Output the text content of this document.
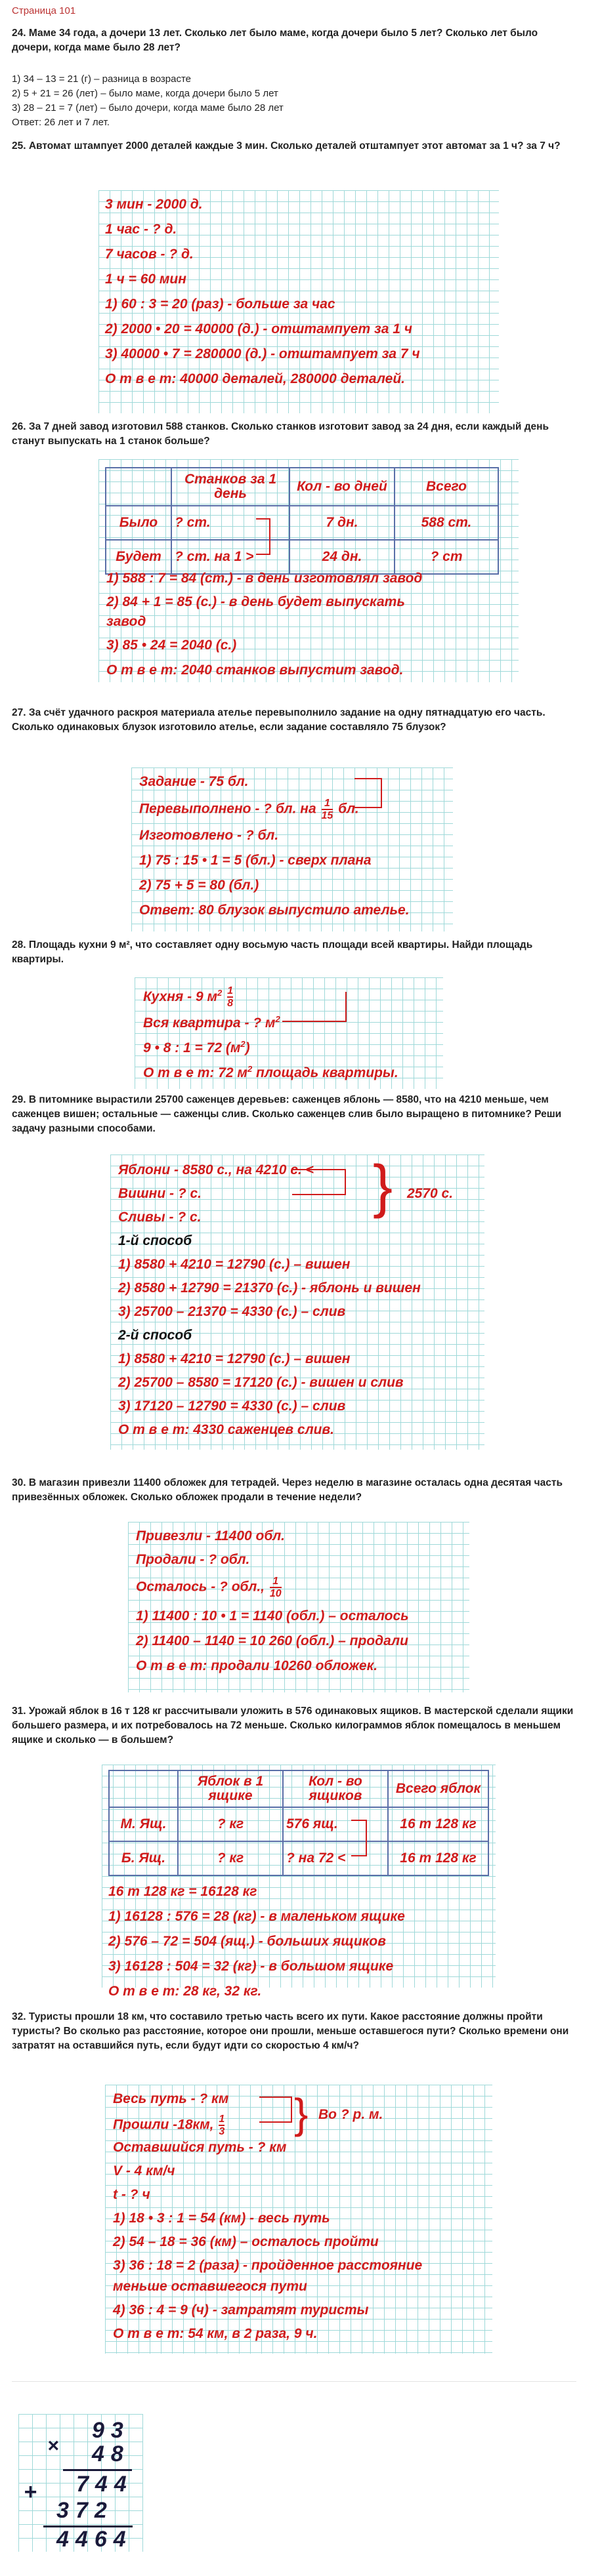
Страница 101
24. Маме 34 года, а дочери 13 лет. Сколько лет было маме, когда дочери было 5 лет? Сколько лет было дочери, когда маме было 28 лет?
1) 34 – 13 = 21 (г) – разница в возрасте
2) 5 + 21 = 26 (лет) – было маме, когда дочери было 5 лет
3) 28 – 21 = 7 (лет) – было дочери, когда маме было 28 лет
Ответ: 26 лет и 7 лет.
25. Автомат штампует 2000 деталей каждые 3 мин. Сколько деталей отштампует этот автомат за 1 ч? за 7 ч?
3 мин - 2000 д.
1 час - ? д.
7 часов - ? д.
1 ч = 60 мин
1) 60 : 3 = 20 (раз) - больше за час
2) 2000 • 20 = 40000 (д.) - отштампует за 1 ч
3) 40000 • 7 = 280000 (д.) - отштампует за 7 ч
О т в е т: 40000 деталей, 280000 деталей.
26. За 7 дней завод изготовил 588 станков. Сколько станков изготовит завод за 24 дня, если каждый день станут выпускать на 1 станок больше?
	Станков за 1 день	Кол - во дней	Всего
Было	? ст.	7 дн.	588 ст.
Будет	? ст. на 1 >	24 дн.	? ст
1) 588 : 7 = 84 (ст.) - в день изготовлял завод
2) 84 + 1 = 85 (с.) - в день будет выпускать
завод
3) 85 • 24 = 2040 (с.)
О т в е т: 2040 станков выпустит завод.
27. За счёт удачного раскроя материала ателье перевыполнило задание на одну пятнадцатую его часть. Сколько одинаковых блузок изготовило ателье, если задание составляло 75 блузок?
Задание - 75 бл.
Перевыполнено - ? бл. на $\frac{1}{15}$ бл.
Изготовлено - ? бл.
1) 75 : 15 • 1 = 5 (бл.) - сверх плана
2) 75 + 5 = 80 (бл.)
Ответ: 80 блузок выпустило ателье.
28. Площадь кухни 9 м², что составляет одну восьмую часть площади всей квартиры. Найди площадь квартиры.
Кухня - 9 $м^2 \frac{1}{8}$
Вся квартира - ? $м^2$
9 • 8 : 1 = 72 $(м^2)$
О т в е т: 72 $м^2$ площадь квартиры.
29. В питомнике вырастили 25700 саженцев деревьев: саженцев яблонь — 8580, что на 4210 меньше, чем саженцев вишен; остальные — саженцы слив. Сколько саженцев слив было выращено в питомнике? Реши задачу разными способами.
Яблони - 8580 с., на 4210 с. <
Вишни - ? с.
Сливы - ? с.	} 2570 с.
1-й способ
1) 8580 + 4210 = 12790 (с.) – вишен
2) 8580 + 12790 = 21370 (с.) - яблонь и вишен
3) 25700 – 21370 = 4330 (с.) – слив
2-й способ
1) 8580 + 4210 = 12790 (с.) – вишен
2) 25700 – 8580 = 17120 (с.) - вишен и слив
3) 17120 – 12790 = 4330 (с.) – слив
О т в е т: 4330 саженцев слив.
30. В магазин привезли 11400 обложек для тетрадей. Через неделю в магазине осталась одна десятая часть привезённых обложек. Сколько обложек продали в течение недели?
Привезли - 11400 обл.
Продали - ? обл.
Осталось - ? обл., $\frac{1}{10}$
1) 11400 : 10 • 1 = 1140 (обл.) – осталось
2) 11400 – 1140 = 10 260 (обл.) – продали
О т в е т: продали 10260 обложек.
31. Урожай яблок в 16 т 128 кг рассчитывали уложить в 576 одинаковых ящиков. В мастерской сделали ящики большего размера, и их потребовалось на 72 меньше. Сколько килограммов яблок помещалось в меньшем ящике и сколько — в большем?
	Яблок в 1 ящике	Кол - во ящиков	Всего яблок
М. Ящ.	? кг	576 ящ.	16 т 128 кг
Б. Ящ.	? кг	? на 72 <	16 т 128 кг
16 т 128 кг = 16128 кг
1) 16128 : 576 = 28 (кг) - в маленьком ящике
2) 576 – 72 = 504 (ящ.) - больших ящиков
3) 16128 : 504 = 32 (кг) - в большом ящике
О т в е т: 28 кг, 32 кг.
32. Туристы прошли 18 км, что составило третью часть всего их пути. Какое расстояние должны пройти туристы? Во сколько раз расстояние, которое они прошли, меньше оставшегося пути? Сколько времени они затратят на оставшийся путь, если будут идти со скоростью 4 км/ч?
Весь путь - ? км
Прошли -18км, $\frac{1}{3}$ } Во ? р. м.
Оставшийся путь - ? км
V - 4 км/ч
t - ? ч
1) 18 • 3 : 1 = 54 (км) - весь путь
2) 54 – 18 = 36 (км) – осталось пройти
3) 36 : 18 = 2 (раза) - пройденное расстояние
меньше оставшегося пути
4) 36 : 4 = 9 (ч) - затратят туристы
О т в е т: 54 км, в 2 раза, 9 ч.
×
93
48
+ 744
372
4464
